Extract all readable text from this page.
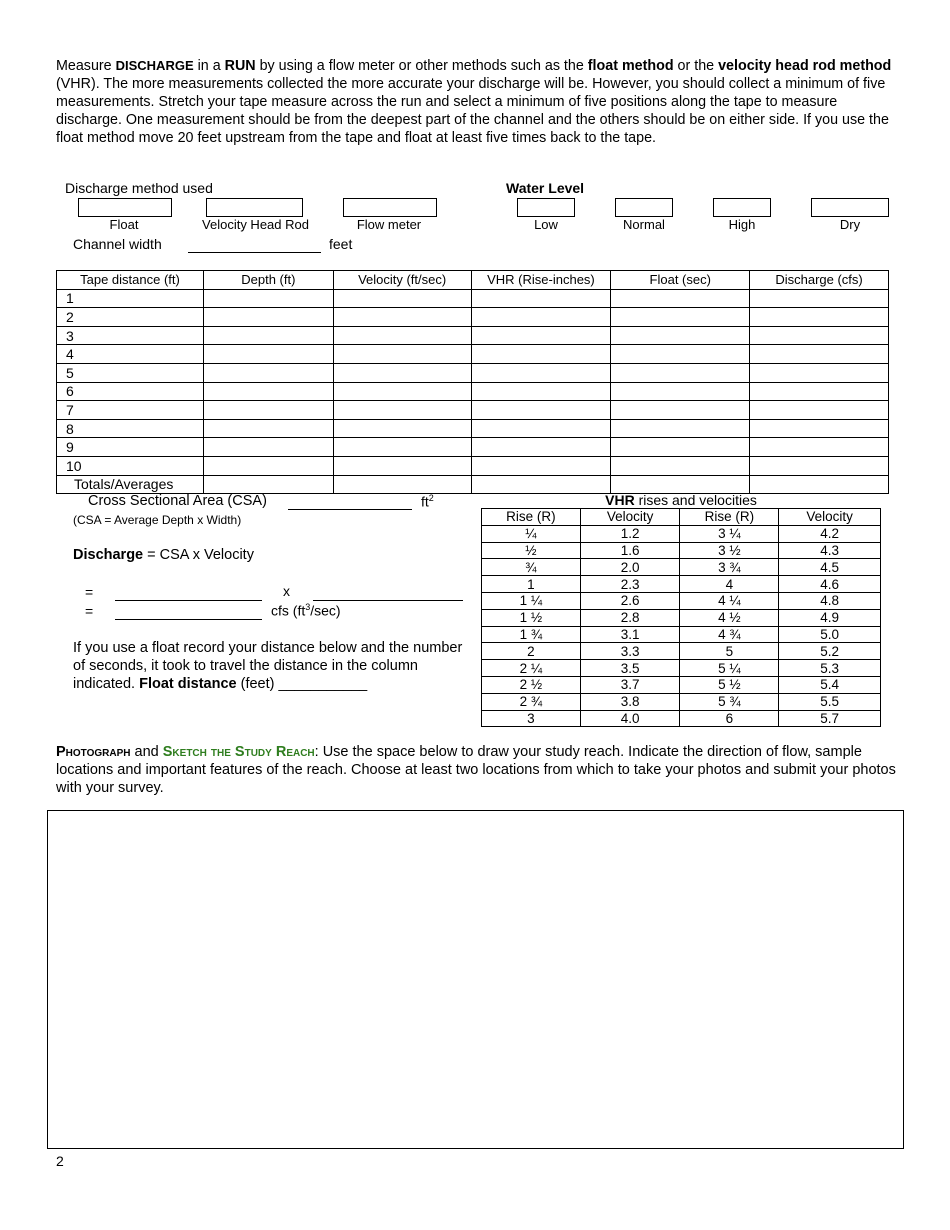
Measure DISCHARGE in a RUN by using a flow meter or other methods such as the float method or the velocity head rod method (VHR). The more measurements collected the more accurate your discharge will be. However, you should collect a minimum of five measurements. Stretch your tape measure across the run and select a minimum of five positions along the tape to measure discharge. One measurement should be from the deepest part of the channel and the others should be on either side. If you use the float method move 20 feet upstream from the tape and float at least five times back to the tape.

Discharge method used
Float	Velocity Head Rod	Flow meter
Water Level
Low	Normal	High	Dry
Channel width	feet
Tape distance (ft)	Depth (ft)	Velocity (ft/sec)	VHR (Rise-inches)	Float (sec)	Discharge (cfs)
1					
2					
3					
4					
5					
6					
7					
8					
9					
10					
Totals/Averages					
Cross Sectional Area (CSA)	$ft^2$
(CSA = Average Depth x Width)
Discharge = CSA x Velocity
=	x
=	cfs $(ft^3/\sec)$
If you use a float record your distance below and the number of seconds, it took to travel the distance in the column indicated. Float distance (feet) ___________
VHR rises and velocities
Rise (R)	Velocity	Rise (R)	Velocity
¼	1.2	3 ¼	4.2
½	1.6	3 ½	4.3
¾	2.0	3 ¾	4.5
1	2.3	4	4.6
1 ¼	2.6	4 ¼	4.8
1 ½	2.8	4 ½	4.9
1 ¾	3.1	4 ¾	5.0
2	3.3	5	5.2
2 ¼	3.5	5 ¼	5.3
2 ½	3.7	5 ½	5.4
2 ¾	3.8	5 ¾	5.5
3	4.0	6	5.7
Photograph and Sketch the Study Reach: Use the space below to draw your study reach. Indicate the direction of flow, sample locations and important features of the reach. Choose at least two locations from which to take your photos and submit your photos with your survey.
2
